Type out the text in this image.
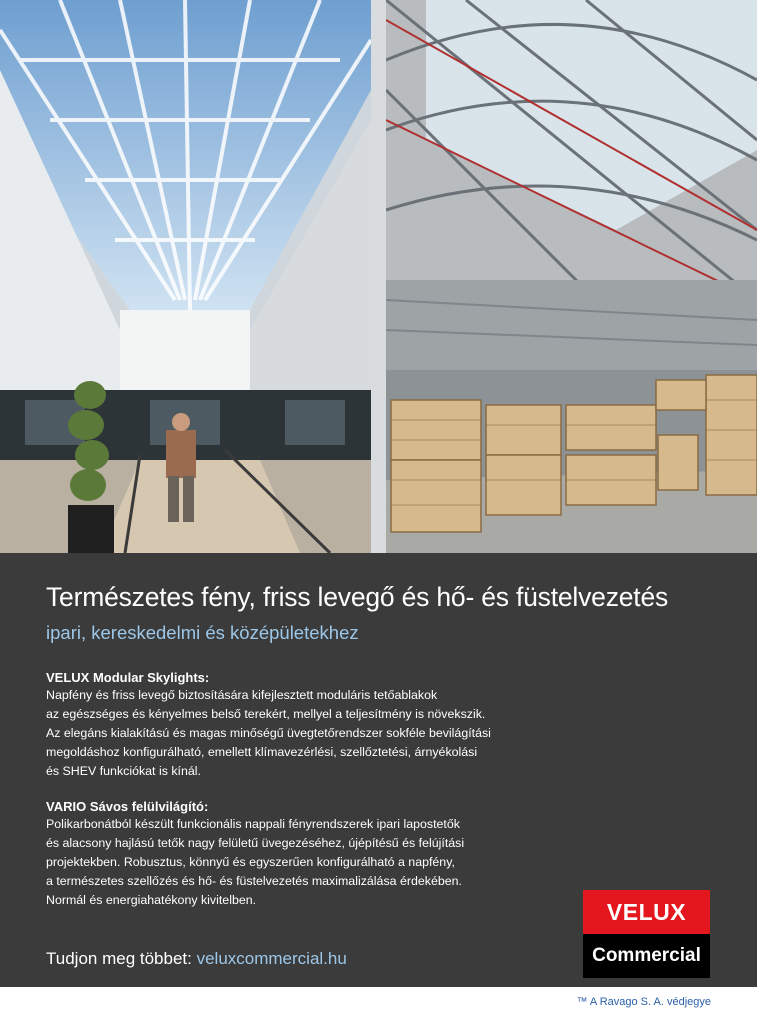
Természetes fény, friss levegő és hő- és füstelvezetés
ipari, kereskedelmi és középületekhez
VELUX Modular Skylights:
Napfény és friss levegő biztosítására kifejlesztett moduláris tetőablakok
az egészséges és kényelmes belső terekért, mellyel a teljesítmény is növekszik.
Az elegáns kialakítású és magas minőségű üvegtetőrendszer sokféle bevilágítási
megoldáshoz konfigurálható, emellett klímavezérlési, szellőztetési, árnyékolási
és SHEV funkciókat is kínál.
VARIO Sávos felülvilágító:
Polikarbonátból készült funkcionális nappali fényrendszerek ipari lapostetők
és alacsony hajlású tetők nagy felületű üvegezéséhez, újépítésű és felújítási
projektekben. Robusztus, könnyű és egyszerűen konfigurálható a napfény,
a természetes szellőzés és hő- és füstelvezetés maximalizálása érdekében.
Normál és energiahatékony kivitelben.
Tudjon meg többet: veluxcommercial.hu
VELUX
Commercial
™ A Ravago S. A. védjegye
